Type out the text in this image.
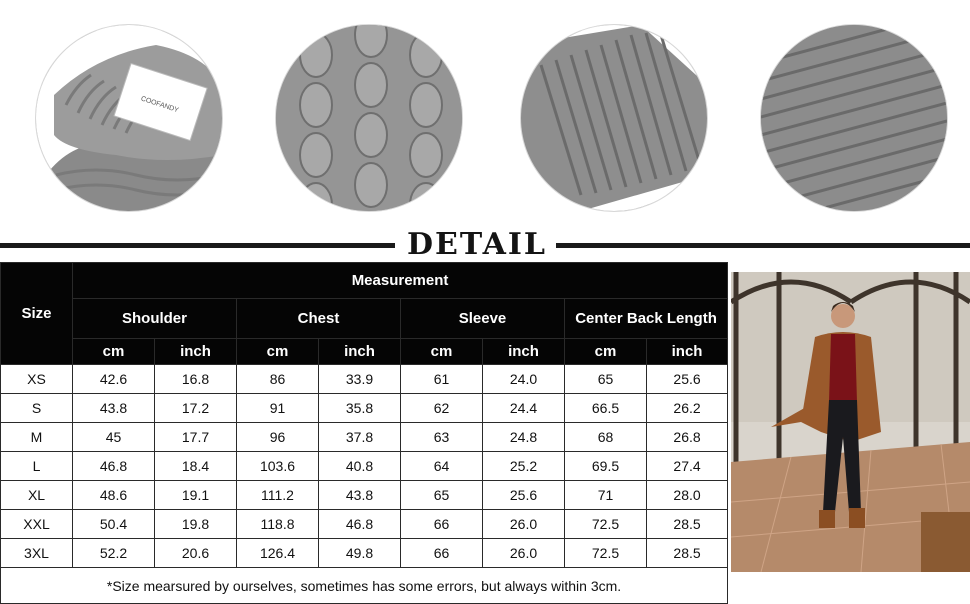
COOFANDY
DETAIL
Size	Measurement							
	Shoulder		Chest		Sleeve		Center Back Length	
	cm	inch	cm	inch	cm	inch	cm	inch
XS	42.6	16.8	86	33.9	61	24.0	65	25.6
S	43.8	17.2	91	35.8	62	24.4	66.5	26.2
M	45	17.7	96	37.8	63	24.8	68	26.8
L	46.8	18.4	103.6	40.8	64	25.2	69.5	27.4
XL	48.6	19.1	111.2	43.8	65	25.6	71	28.0
XXL	50.4	19.8	118.8	46.8	66	26.0	72.5	28.5
3XL	52.2	20.6	126.4	49.8	66	26.0	72.5	28.5
*Size mearsured by ourselves, sometimes has some errors, but always within 3cm.								
